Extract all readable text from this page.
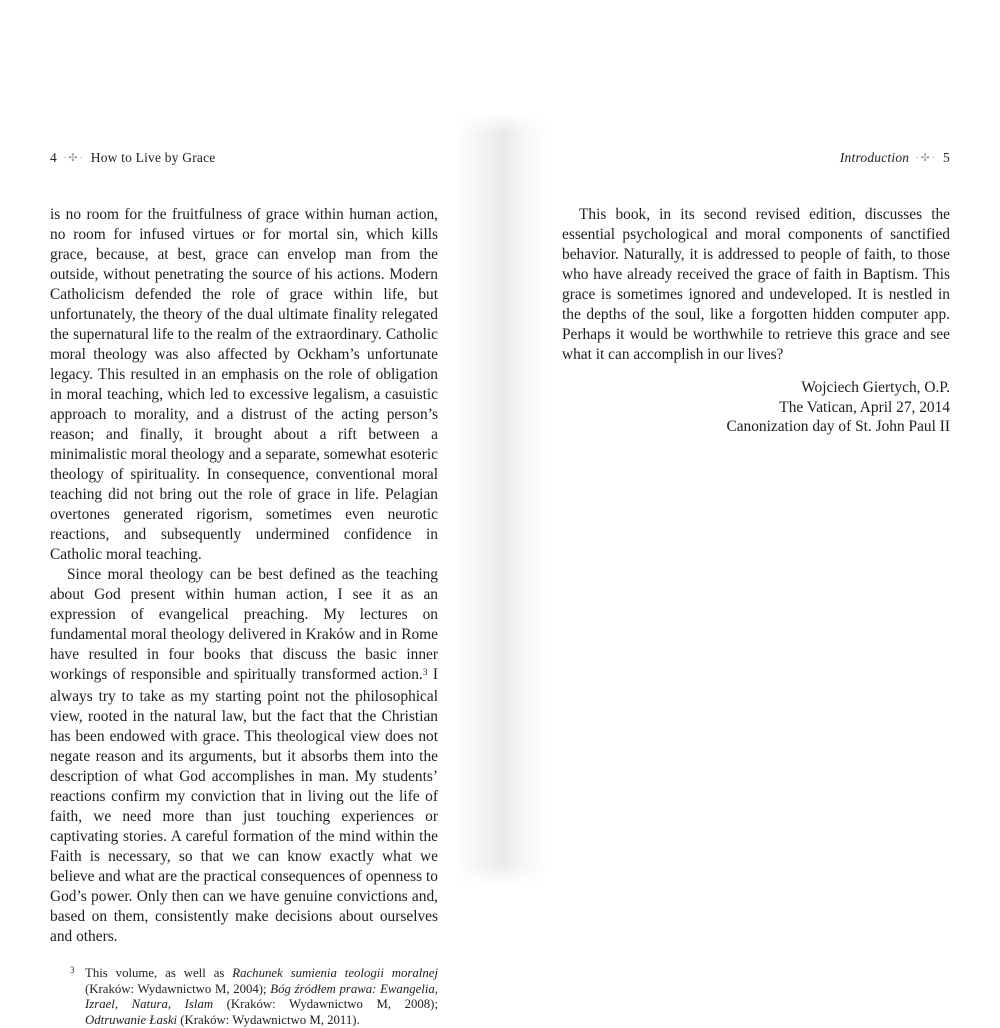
4 ·✣· How to Live by Grace

is no room for the fruitfulness of grace within human action, no room for infused virtues or for mortal sin, which kills grace, because, at best, grace can envelop man from the outside, without penetrating the source of his actions. Modern Catholicism defended the role of grace within life, but unfortunately, the theory of the dual ultimate finality relegated the supernatural life to the realm of the extraordinary. Catholic moral theology was also affected by Ockham’s unfortunate legacy. This resulted in an emphasis on the role of obligation in moral teaching, which led to excessive legalism, a casuistic approach to morality, and a distrust of the acting person’s reason; and finally, it brought about a rift between a minimalistic moral theology and a separate, somewhat esoteric theology of spirituality. In consequence, conventional moral teaching did not bring out the role of grace in life. Pelagian overtones generated rigorism, sometimes even neurotic reactions, and subsequently undermined confidence in Catholic moral teaching.

Since moral theology can be best defined as the teaching about God present within human action, I see it as an expression of evangelical preaching. My lectures on fundamental moral theology delivered in Kraków and in Rome have resulted in four books that discuss the basic inner workings of responsible and spiritually transformed action.$^3$ I always try to take as my starting point not the philosophical view, rooted in the natural law, but the fact that the Christian has been endowed with grace. This theological view does not negate reason and its arguments, but it absorbs them into the description of what God accomplishes in man. My students’ reactions confirm my conviction that in living out the life of faith, we need more than just touching experiences or captivating stories. A careful formation of the mind within the Faith is necessary, so that we can know exactly what we believe and what are the practical consequences of openness to God’s power. Only then can we have genuine convictions and, based on them, consistently make decisions about ourselves and others.

3 This volume, as well as Rachunek sumienia teologii moralnej (Kraków: Wydawnictwo M, 2004); Bóg źródłem prawa: Ewangelia, Izrael, Natura, Islam (Kraków: Wydawnictwo M, 2008); Odtruwanie Łaski (Kraków: Wydawnictwo M, 2011).
Introduction ·✣· 5

This book, in its second revised edition, discusses the essential psychological and moral components of sanctified behavior. Naturally, it is addressed to people of faith, to those who have already received the grace of faith in Baptism. This grace is sometimes ignored and undeveloped. It is nestled in the depths of the soul, like a forgotten hidden computer app. Perhaps it would be worthwhile to retrieve this grace and see what it can accomplish in our lives?

Wojciech Giertych, O.P.
The Vatican, April 27, 2014
Canonization day of St. John Paul II
